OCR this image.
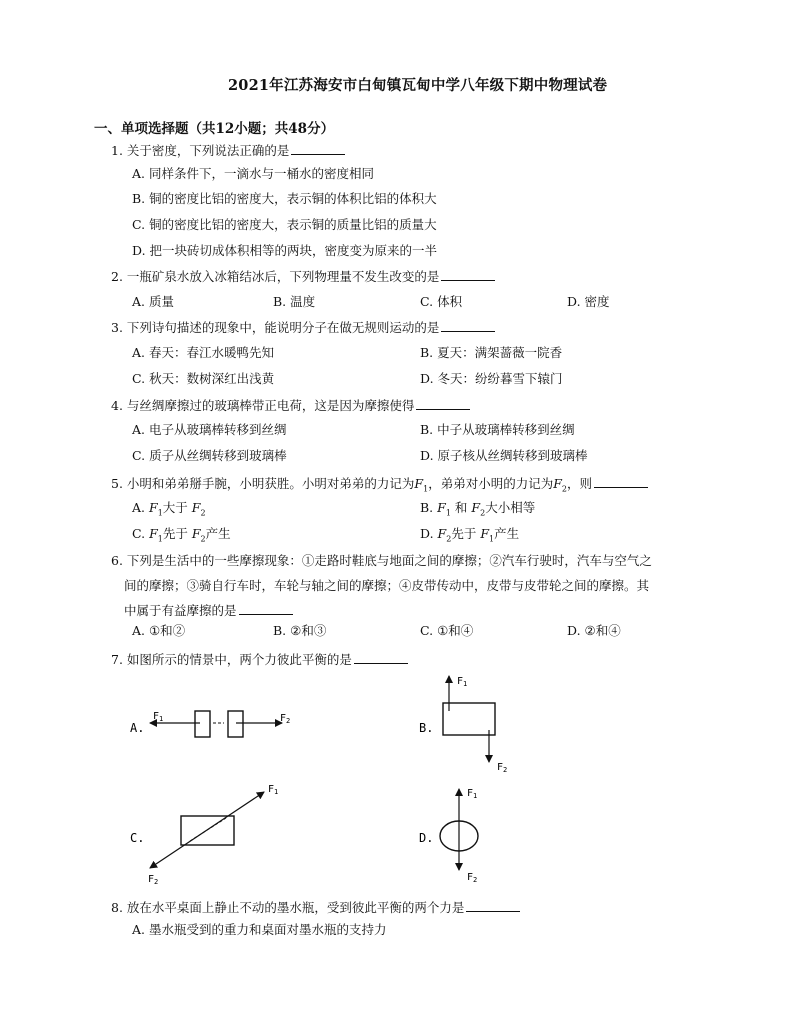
2021年江苏海安市白甸镇瓦甸中学八年级下期中物理试卷
一、单项选择题（共12小题；共48分）
1. 关于密度，下列说法正确的是
A. 同样条件下，一滴水与一桶水的密度相同
B. 铜的密度比铝的密度大，表示铜的体积比铝的体积大
C. 铜的密度比铝的密度大，表示铜的质量比铝的质量大
D. 把一块砖切成体积相等的两块，密度变为原来的一半
2. 一瓶矿泉水放入冰箱结冰后，下列物理量不发生改变的是
A. 质量	B. 温度	C. 体积	D. 密度
3. 下列诗句描述的现象中，能说明分子在做无规则运动的是
A. 春天：春江水暖鸭先知	B. 夏天：满架蔷薇一院香
C. 秋天：数树深红出浅黄	D. 冬天：纷纷暮雪下辕门
4. 与丝绸摩擦过的玻璃棒带正电荷，这是因为摩擦使得
A. 电子从玻璃棒转移到丝绸	B. 中子从玻璃棒转移到丝绸
C. 质子从丝绸转移到玻璃棒	D. 原子核从丝绸转移到玻璃棒
5. 小明和弟弟掰手腕，小明获胜。小明对弟弟的力记为$F_1$，弟弟对小明的力记为$F_2$，则
A. $F_1$大于 $F_2$	B. $F_1$ 和 $F_2$大小相等
C. $F_1$先于 $F_2$产生	D. $F_2$先于 $F_1$产生
6. 下列是生活中的一些摩擦现象：①走路时鞋底与地面之间的摩擦；②汽车行驶时，汽车与空气之
间的摩擦；③骑自行车时，车轮与轴之间的摩擦；④皮带传动中，皮带与皮带轮之间的摩擦。其
中属于有益摩擦的是
A. ①和②	B. ②和③	C. ①和④	D. ②和④
7. 如图所示的情景中，两个力彼此平衡的是
A.
$F_1$	$F_2$	B.
$F_1$
$F_2$
C.
$F_1$
$F_2$
D.
$F_1$
$F_2$
8. 放在水平桌面上静止不动的墨水瓶，受到彼此平衡的两个力是
A. 墨水瓶受到的重力和桌面对墨水瓶的支持力
